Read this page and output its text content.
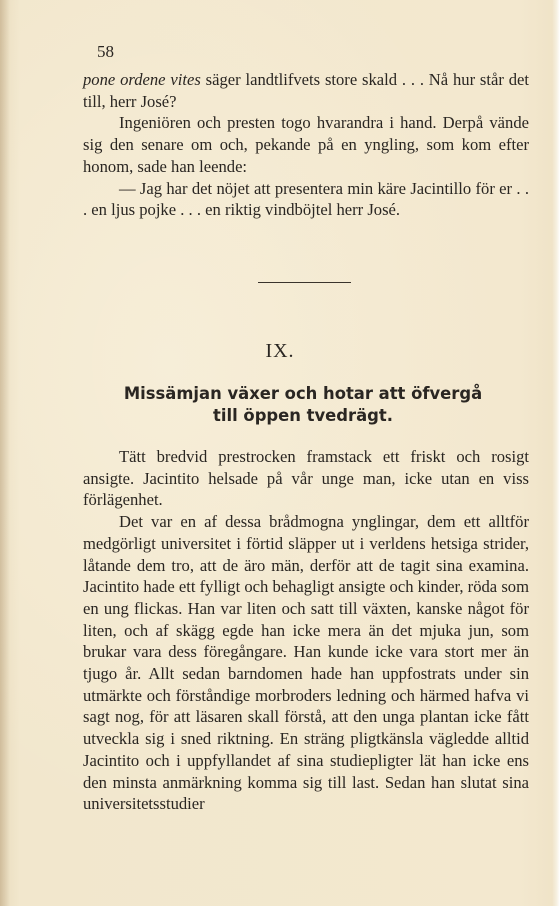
58

pone ordene vites säger landtlifvets store skald . . . Nå hur står det till, herr José?

Ingeniören och presten togo hvarandra i hand. Derpå vände sig den senare om och, pekande på en yngling, som kom efter honom, sade han leende:

— Jag har det nöjet att presentera min käre Jacintillo för er . . . en ljus pojke . . . en riktig vindböjtel herr José.

IX.
Missämjan växer och hotar att öfvergå
till öppen tvedrägt.

Tätt bredvid prestrocken framstack ett friskt och rosigt ansigte. Jacintito helsade på vår unge man, icke utan en viss förlägenhet.

Det var en af dessa brådmogna ynglingar, dem ett alltför medgörligt universitet i förtid släpper ut i verldens hetsiga strider, låtande dem tro, att de äro män, derför att de tagit sina examina. Jacintito hade ett fylligt och behagligt ansigte och kinder, röda som en ung flickas. Han var liten och satt till växten, kanske något för liten, och af skägg egde han icke mera än det mjuka jun, som brukar vara dess föregångare. Han kunde icke vara stort mer än tjugo år. Allt sedan barndomen hade han uppfostrats under sin utmärkte och förståndige morbroders ledning och härmed hafva vi sagt nog, för att läsaren skall förstå, att den unga plantan icke fått utveckla sig i sned riktning. En sträng pligtkänsla vägledde alltid Jacintito och i uppfyllandet af sina studiepligter lät han icke ens den minsta anmärkning komma sig till last. Sedan han slutat sina universitetsstudier
